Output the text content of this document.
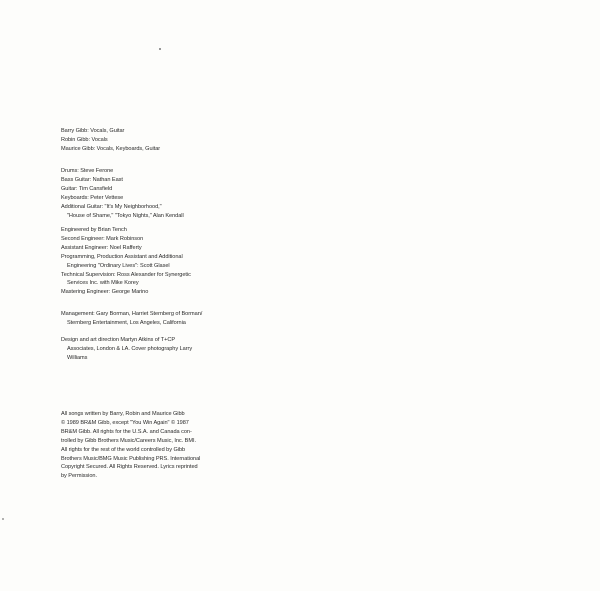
Barry Gibb: Vocals, Guitar
Robin Gibb: Vocals
Maurice Gibb: Vocals, Keyboards, Guitar
Drums: Steve Ferone
Bass Guitar: Nathan East
Guitar: Tim Cansfield
Keyboards: Peter Vettese
Additional Guitar: "It's My Neighborhood,"
"House of Shame," "Tokyo Nights," Alan Kendall
Engineered by Brian Tench
Second Engineer: Mark Robinson
Assistant Engineer: Noel Rafferty
Programming, Production Assistant and Additional
Engineering "Ordinary Lives": Scott Glasel
Technical Supervision: Ross Alexander for Synergetic
Services Inc. with Mike Korey
Mastering Engineer: George Marino
Management: Gary Borman, Harriet Sternberg of Borman/
Sternberg Entertainment, Los Angeles, California
Design and art direction Martyn Atkins of T+CP
Associates, London & LA. Cover photography Larry
Williams
All songs written by Barry, Robin and Maurice Gibb
© 1989 BR&M Gibb, except "You Win Again" © 1987
BR&M Gibb. All rights for the U.S.A. and Canada con-
trolled by Gibb Brothers Music/Careers Music, Inc. BMI.
All rights for the rest of the world controlled by Gibb
Brothers Music/BMG Music Publishing PRS. International
Copyright Secured. All Rights Reserved. Lyrics reprinted
by Permission.
